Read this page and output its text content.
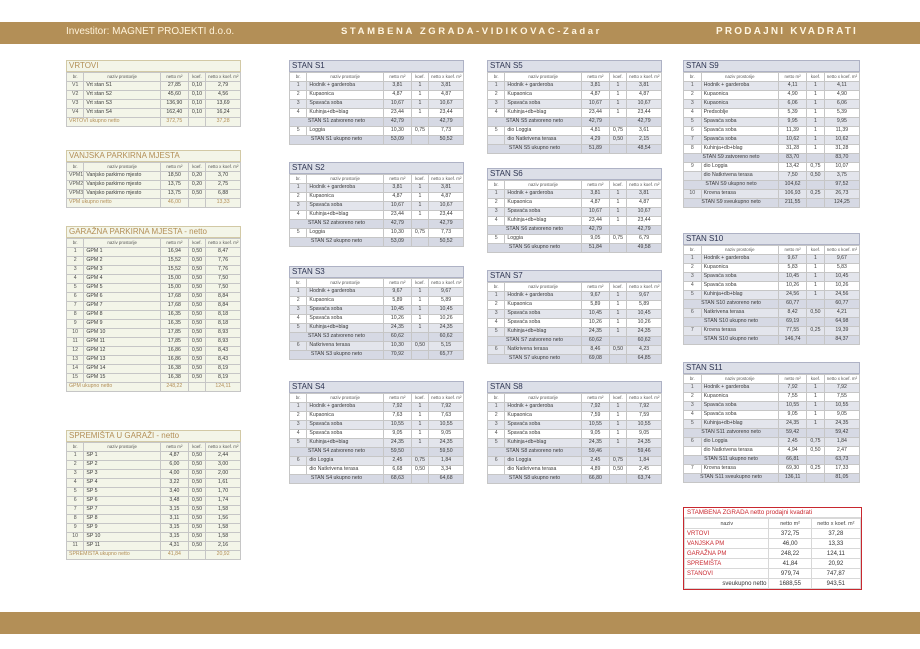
Investitor: MAGNET PROJEKTI d.o.o.	STAMBENA ZGRADA-VIDIKOVAC-Zadar	PRODAJNI KVADRATI
VRTOVI
br.	naziv prostorije	netto m²	koef.	netto x koef. m²
V1	Vrt stan S1	27,85	0,10	2,79
V2	Vrt stan S2	45,60	0,10	4,56
V3	Vrt stan S3	136,90	0,10	13,69
V4	Vrt stan S4	162,40	0,10	16,24
VRTOVI ukupno netto		372,75		37,28
VANJSKA PARKIRNA MJESTA
br.	naziv prostorije	netto m²	koef.	netto x koef. m²
VPM1	Vanjsko parkirno mjesto	18,50	0,20	3,70
VPM2	Vanjsko parkirno mjesto	13,75	0,20	2,75
VPM3	Vanjsko parkirno mjesto	13,75	0,50	6,88
VPM ukupno netto		46,00		13,33
GARAŽNA PARKIRNA MJESTA - netto
br.	naziv prostorije	netto m²	koef.	netto x koef. m²
1	GPM 1	16,94	0,50	8,47
2	GPM 2	15,52	0,50	7,76
3	GPM 3	15,52	0,50	7,76
4	GPM 4	15,00	0,50	7,50
5	GPM 5	15,00	0,50	7,50
6	GPM 6	17,68	0,50	8,84
7	GPM 7	17,68	0,50	8,84
8	GPM 8	16,35	0,50	8,18
9	GPM 9	16,35	0,50	8,18
10	GPM 10	17,85	0,50	8,93
11	GPM 11	17,85	0,50	8,93
12	GPM 12	16,86	0,50	8,43
13	GPM 13	16,86	0,50	8,43
14	GPM 14	16,38	0,50	8,19
15	GPM 15	16,38	0,50	8,19
GPM ukupno netto		248,22		124,11
SPREMIŠTA U GARAŽI - netto
br.	naziv prostorije	netto m²	koef.	netto x koef. m²
1	SP 1	4,87	0,50	2,44
2	SP 2	6,00	0,50	3,00
3	SP 3	4,00	0,50	2,00
4	SP 4	3,22	0,50	1,61
5	SP 5	3,40	0,50	1,70
6	SP 6	3,48	0,50	1,74
7	SP 7	3,15	0,50	1,58
8	SP 8	3,11	0,50	1,56
9	SP 9	3,15	0,50	1,58
10	SP 10	3,15	0,50	1,58
11	SP 11	4,31	0,50	2,16
SPREMIŠTA ukupno netto		41,84		20,92
STAN S1
br.	naziv prostorije	netto m²	koef.	netto x koef. m²
1	Hodnik + garderoba	3,81	1	3,81
2	Kupaonica	4,87	1	4,87
3	Spavaća soba	10,67	1	10,67
4	Kuhinja+db+blag	23,44	1	23,44
STAN S1 zatvoreno neto		42,79		42,79
5	Loggia	10,30	0,75	7,73
STAN S1 ukupno neto		53,09		50,52
STAN S2
br.	naziv prostorije	netto m²	koef.	netto x koef. m²
1	Hodnik + garderoba	3,81	1	3,81
2	Kupaonica	4,87	1	4,87
3	Spavaća soba	10,67	1	10,67
4	Kuhinja+db+blag	23,44	1	23,44
STAN S2 zatvoreno neto		42,79		42,79
5	Loggia	10,30	0,75	7,73
STAN S2 ukupno neto		53,09		50,52
STAN S3
br.	naziv prostorije	netto m²	koef.	netto x koef. m²
1	Hodnik + garderoba	9,67	1	9,67
2	Kupaonica	5,89	1	5,89
3	Spavaća soba	10,45	1	10,45
4	Spavaća soba	10,26	1	10,26
5	Kuhinja+db+blag	24,35	1	24,35
STAN S3 zatvoreno neto		60,62		60,62
6	Natkrivena terasa	10,30	0,50	5,15
STAN S3 ukupno neto		70,92		65,77
STAN S4
br.	naziv prostorije	netto m²	koef.	netto x koef. m²
1	Hodnik + garderoba	7,92	1	7,92
2	Kupaonica	7,63	1	7,63
3	Spavaća soba	10,55	1	10,55
4	Spavaća soba	9,05	1	9,05
5	Kuhinja+db+blag	24,35	1	24,35
STAN S4 zatvoreno neto		59,50		59,50
6	dio Loggia	2,45	0,75	1,84
	dio Natkrivena terasa	6,68	0,50	3,34
STAN S4 ukupno neto		68,63		64,68
STAN S5
br.	naziv prostorije	netto m²	koef.	netto x koef. m²
1	Hodnik + garderoba	3,81	1	3,81
2	Kupaonica	4,87	1	4,87
3	Spavaća soba	10,67	1	10,67
4	Kuhinja+db+blag	23,44	1	23,44
STAN S5 zatvoreno neto		42,79		42,79
5	dio Loggia	4,81	0,75	3,61
	dio Natkrivena terasa	4,29	0,50	2,15
STAN S5 ukupno neto		51,89		48,54
STAN S6
br.	naziv prostorije	netto m²	koef.	netto x koef. m²
1	Hodnik + garderoba	3,81	1	3,81
2	Kupaonica	4,87	1	4,87
3	Spavaća soba	10,67	1	10,67
4	Kuhinja+db+blag	23,44	1	23,44
STAN S6 zatvoreno neto		42,79		42,79
5	Loggia	9,05	0,75	6,79
STAN S6 ukupno neto		51,84		49,58
STAN S7
br.	naziv prostorije	netto m²	koef.	netto x koef. m²
1	Hodnik + garderoba	9,67	1	9,67
2	Kupaonica	5,89	1	5,89
3	Spavaća soba	10,45	1	10,45
4	Spavaća soba	10,26	1	10,26
5	Kuhinja+db+blag	24,35	1	24,35
STAN S7 zatvoreno neto		60,62		60,62
6	Natkrivena terasa	8,46	0,50	4,23
STAN S7 ukupno neto		69,08		64,85
STAN S8
br.	naziv prostorije	netto m²	koef.	netto x koef. m²
1	Hodnik + garderoba	7,92	1	7,92
2	Kupaonica	7,59	1	7,59
3	Spavaća soba	10,55	1	10,55
4	Spavaća soba	9,05	1	9,05
5	Kuhinja+db+blag	24,35	1	24,35
STAN S8 zatvoreno neto		59,46		59,46
6	dio Loggia	2,45	0,75	1,84
	dio Natkrivena terasa	4,89	0,50	2,45
STAN S8 ukupno neto		66,80		63,74
STAN S9
br.	naziv prostorije	netto m²	koef.	netto x koef. m²
1	Hodnik + garderoba	4,11	1	4,11
2	Kupaonica	4,90	1	4,90
3	Kupaonica	6,06	1	6,06
4	Predsoblje	5,39	1	5,39
5	Spavaća soba	9,95	1	9,95
6	Spavaća soba	11,39	1	11,39
7	Spavaća soba	10,62	1	10,62
8	Kuhinja+db+blag	31,28	1	31,28
STAN S9 zatvoreno neto		83,70		83,70
9	dio Loggia	13,42	0,75	10,07
	dio Natkrivena terasa	7,50	0,50	3,75
STAN S9 ukupno neto		104,62		97,52
10	Krovna terasa	106,93	0,25	26,73
STAN S9 sveukupno neto		211,55		124,25
STAN S10
br.	naziv prostorije	netto m²	koef.	netto x koef. m²
1	Hodnik + garderoba	9,67	1	9,67
2	Kupaonica	5,83	1	5,83
3	Spavaća soba	10,45	1	10,45
4	Spavaća soba	10,26	1	10,26
5	Kuhinja+db+blag	24,56	1	24,56
STAN S10 zatvoreno neto		60,77		60,77
6	Natkrivena terasa	8,42	0,50	4,21
STAN S10 ukupno neto		69,19		64,98
7	Krovna terasa	77,55	0,25	19,39
STAN S10 ukupno neto		146,74		84,37
STAN S11
br.	naziv prostorije	netto m²	koef.	netto x koef. m²
1	Hodnik + garderoba	7,92	1	7,92
2	Kupaonica	7,55	1	7,55
3	Spavaća soba	10,55	1	10,55
4	Spavaća soba	9,05	1	9,05
5	Kuhinja+db+blag	24,35	1	24,35
STAN S11 zatvoreno neto		59,42		59,42
6	dio Loggia	2,45	0,75	1,84
	dio Natkrivena terasa	4,94	0,50	2,47
STAN S11 ukupno neto		66,81		63,73
7	Krovna terasa	69,30	0,25	17,33
STAN S11 sveukupno neto		136,11		81,05
STAMBENA ZGRADA netto prodajni kvadrati
naziv	netto m²	netto x koef. m²
VRTOVI	372,75	37,28
VANJSKA PM	46,00	13,33
GARAŽNA PM	248,22	124,11
SPREMIŠTA	41,84	20,92
STANOVI	979,74	747,87
sveukupno netto	1688,55	943,51
